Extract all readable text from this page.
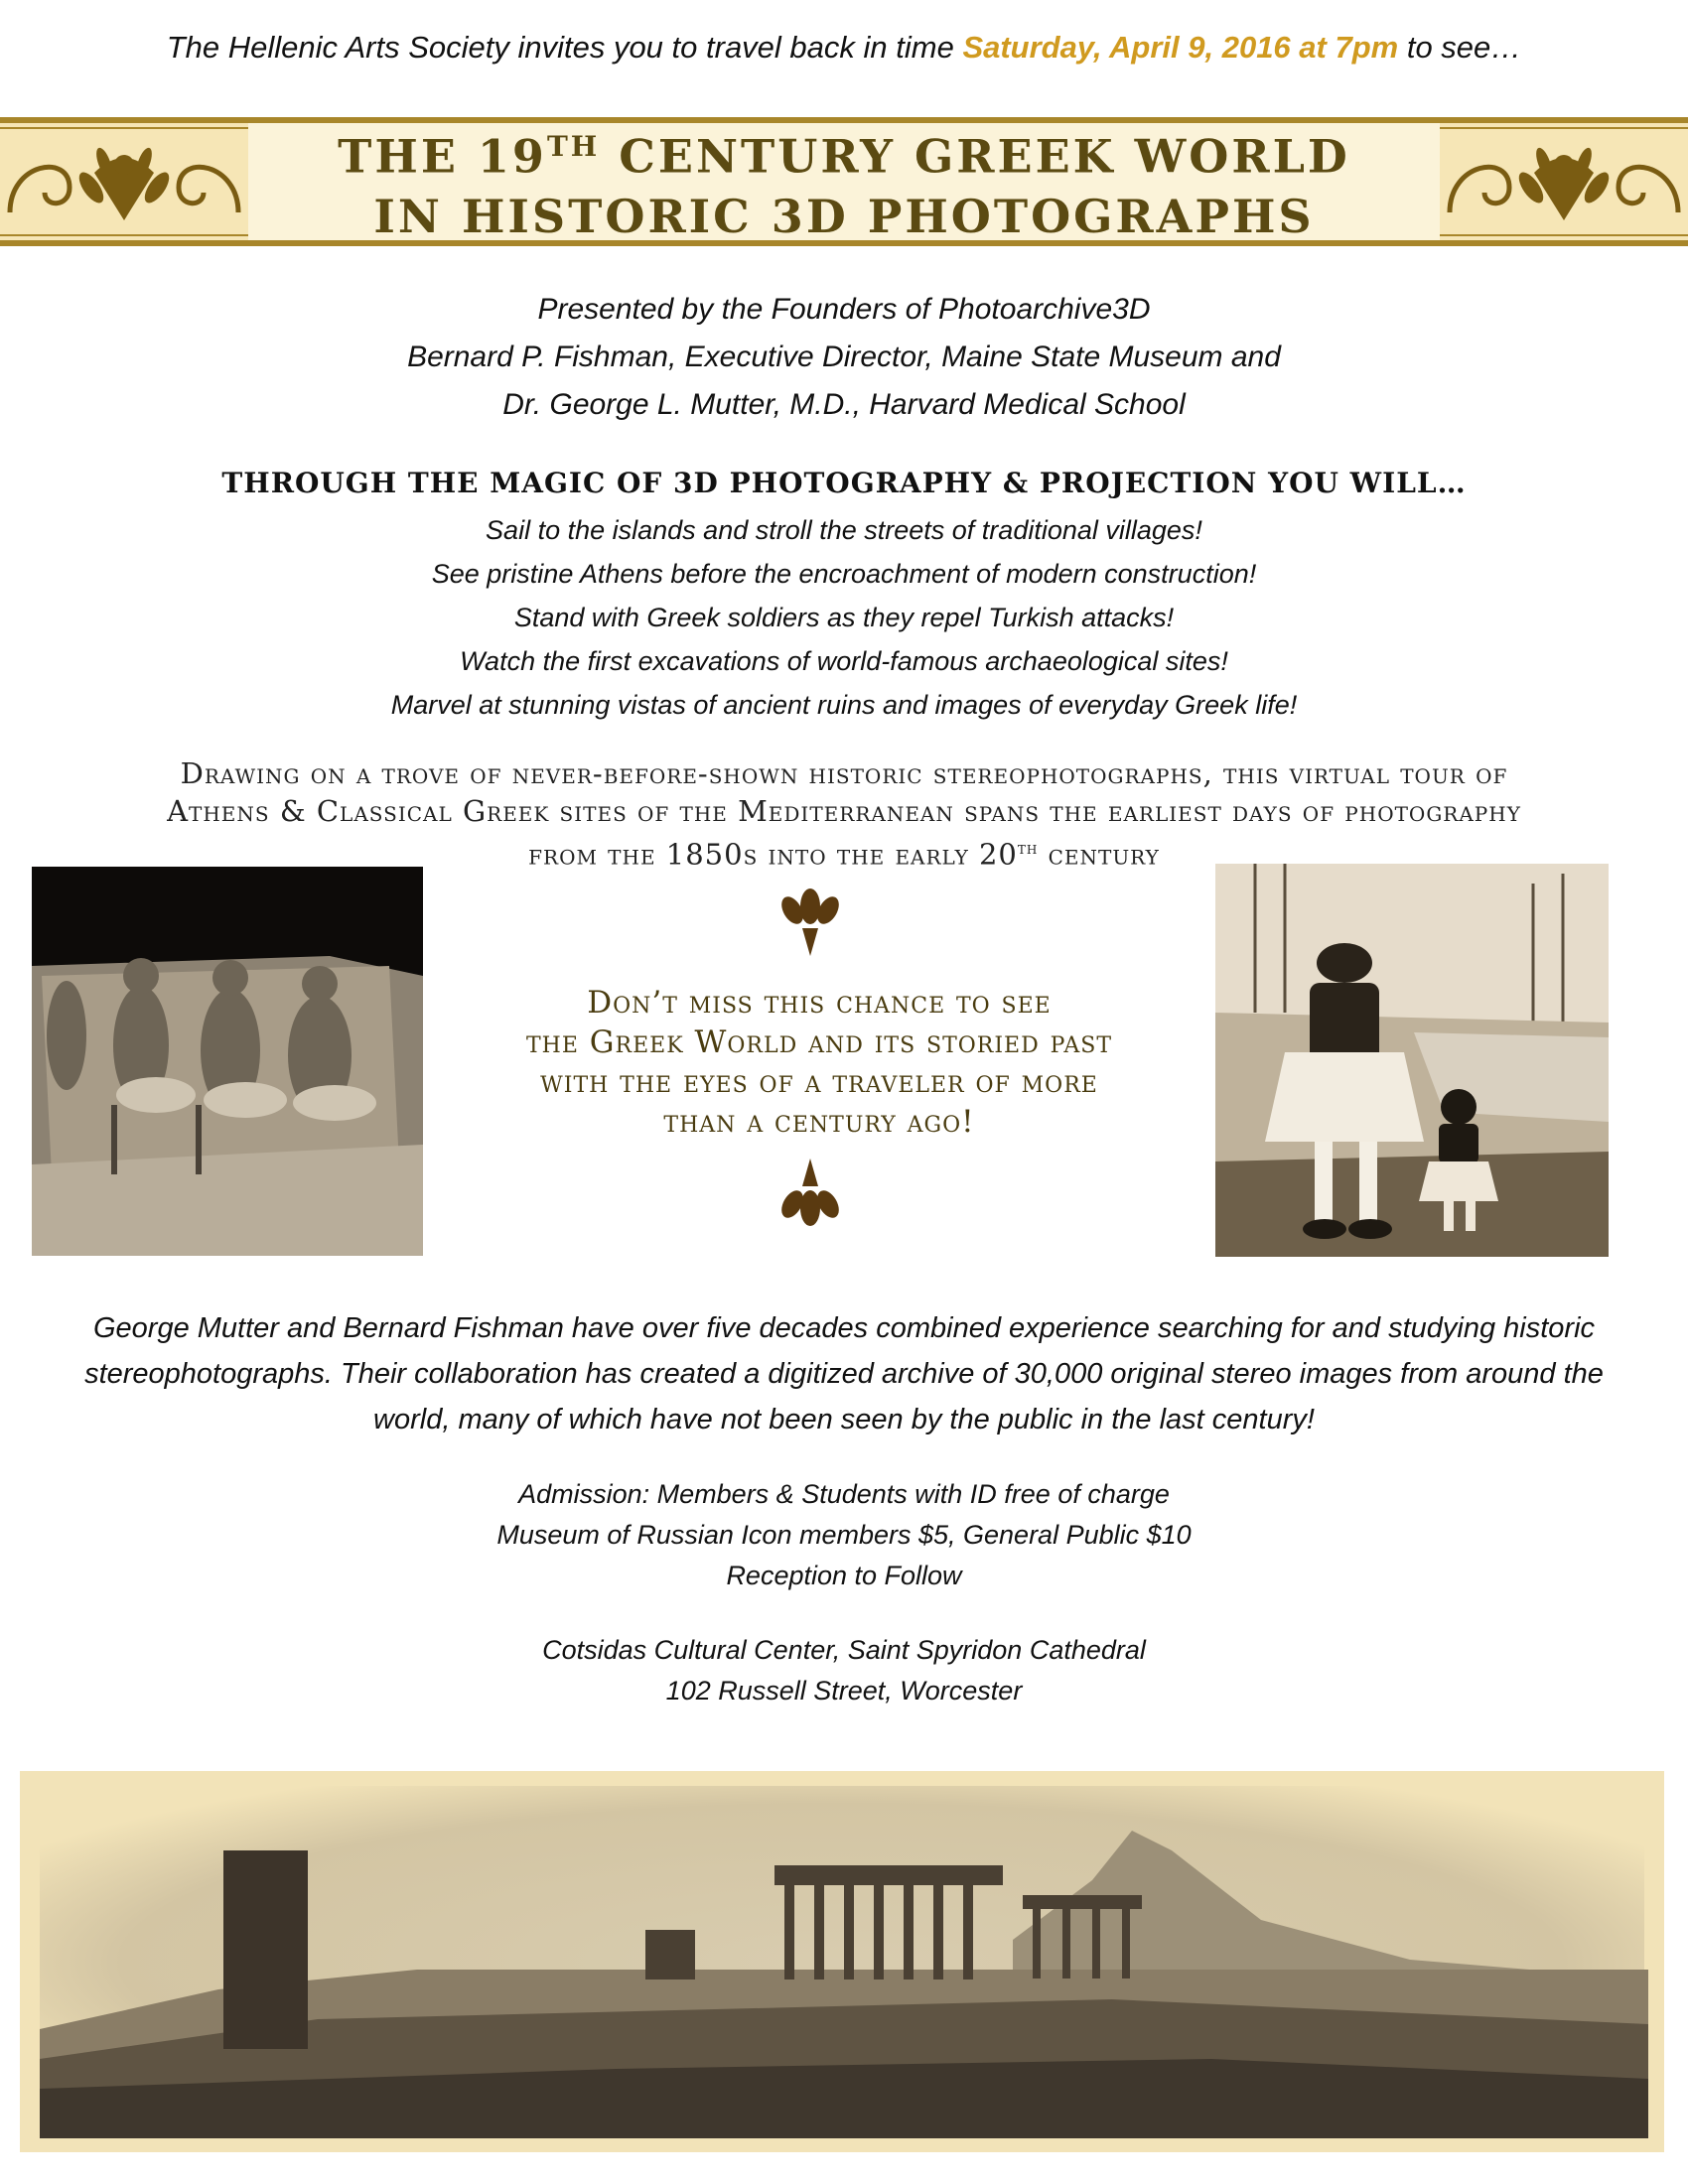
The Hellenic Arts Society invites you to travel back in time Saturday, April 9, 2016 at 7pm to see…
THE 19TH CENTURY GREEK WORLD
IN HISTORIC 3D PHOTOGRAPHS
Presented by the Founders of Photoarchive3D
Bernard P. Fishman, Executive Director, Maine State Museum and
Dr. George L. Mutter, M.D., Harvard Medical School
THROUGH THE MAGIC OF 3D PHOTOGRAPHY & PROJECTION YOU WILL…
Sail to the islands and stroll the streets of traditional villages!
See pristine Athens before the encroachment of modern construction!
Stand with Greek soldiers as they repel Turkish attacks!
Watch the first excavations of world-famous archaeological sites!
Marvel at stunning vistas of ancient ruins and images of everyday Greek life!
Drawing on a trove of never-before-shown historic stereophotographs, this virtual tour of
Athens & Classical Greek sites of the Mediterranean spans the earliest days of photography
from the 1850s into the early 20th century
Don’t miss this chance to see
the Greek World and its storied past
with the eyes of a traveler of more
than a century ago!
George Mutter and Bernard Fishman have over five decades combined experience searching for and studying historic
stereophotographs. Their collaboration has created a digitized archive of 30,000 original stereo images from around the
world, many of which have not been seen by the public in the last century!
Admission: Members & Students with ID free of charge
Museum of Russian Icon members $5, General Public $10
Reception to Follow
Cotsidas Cultural Center, Saint Spyridon Cathedral
102 Russell Street, Worcester
